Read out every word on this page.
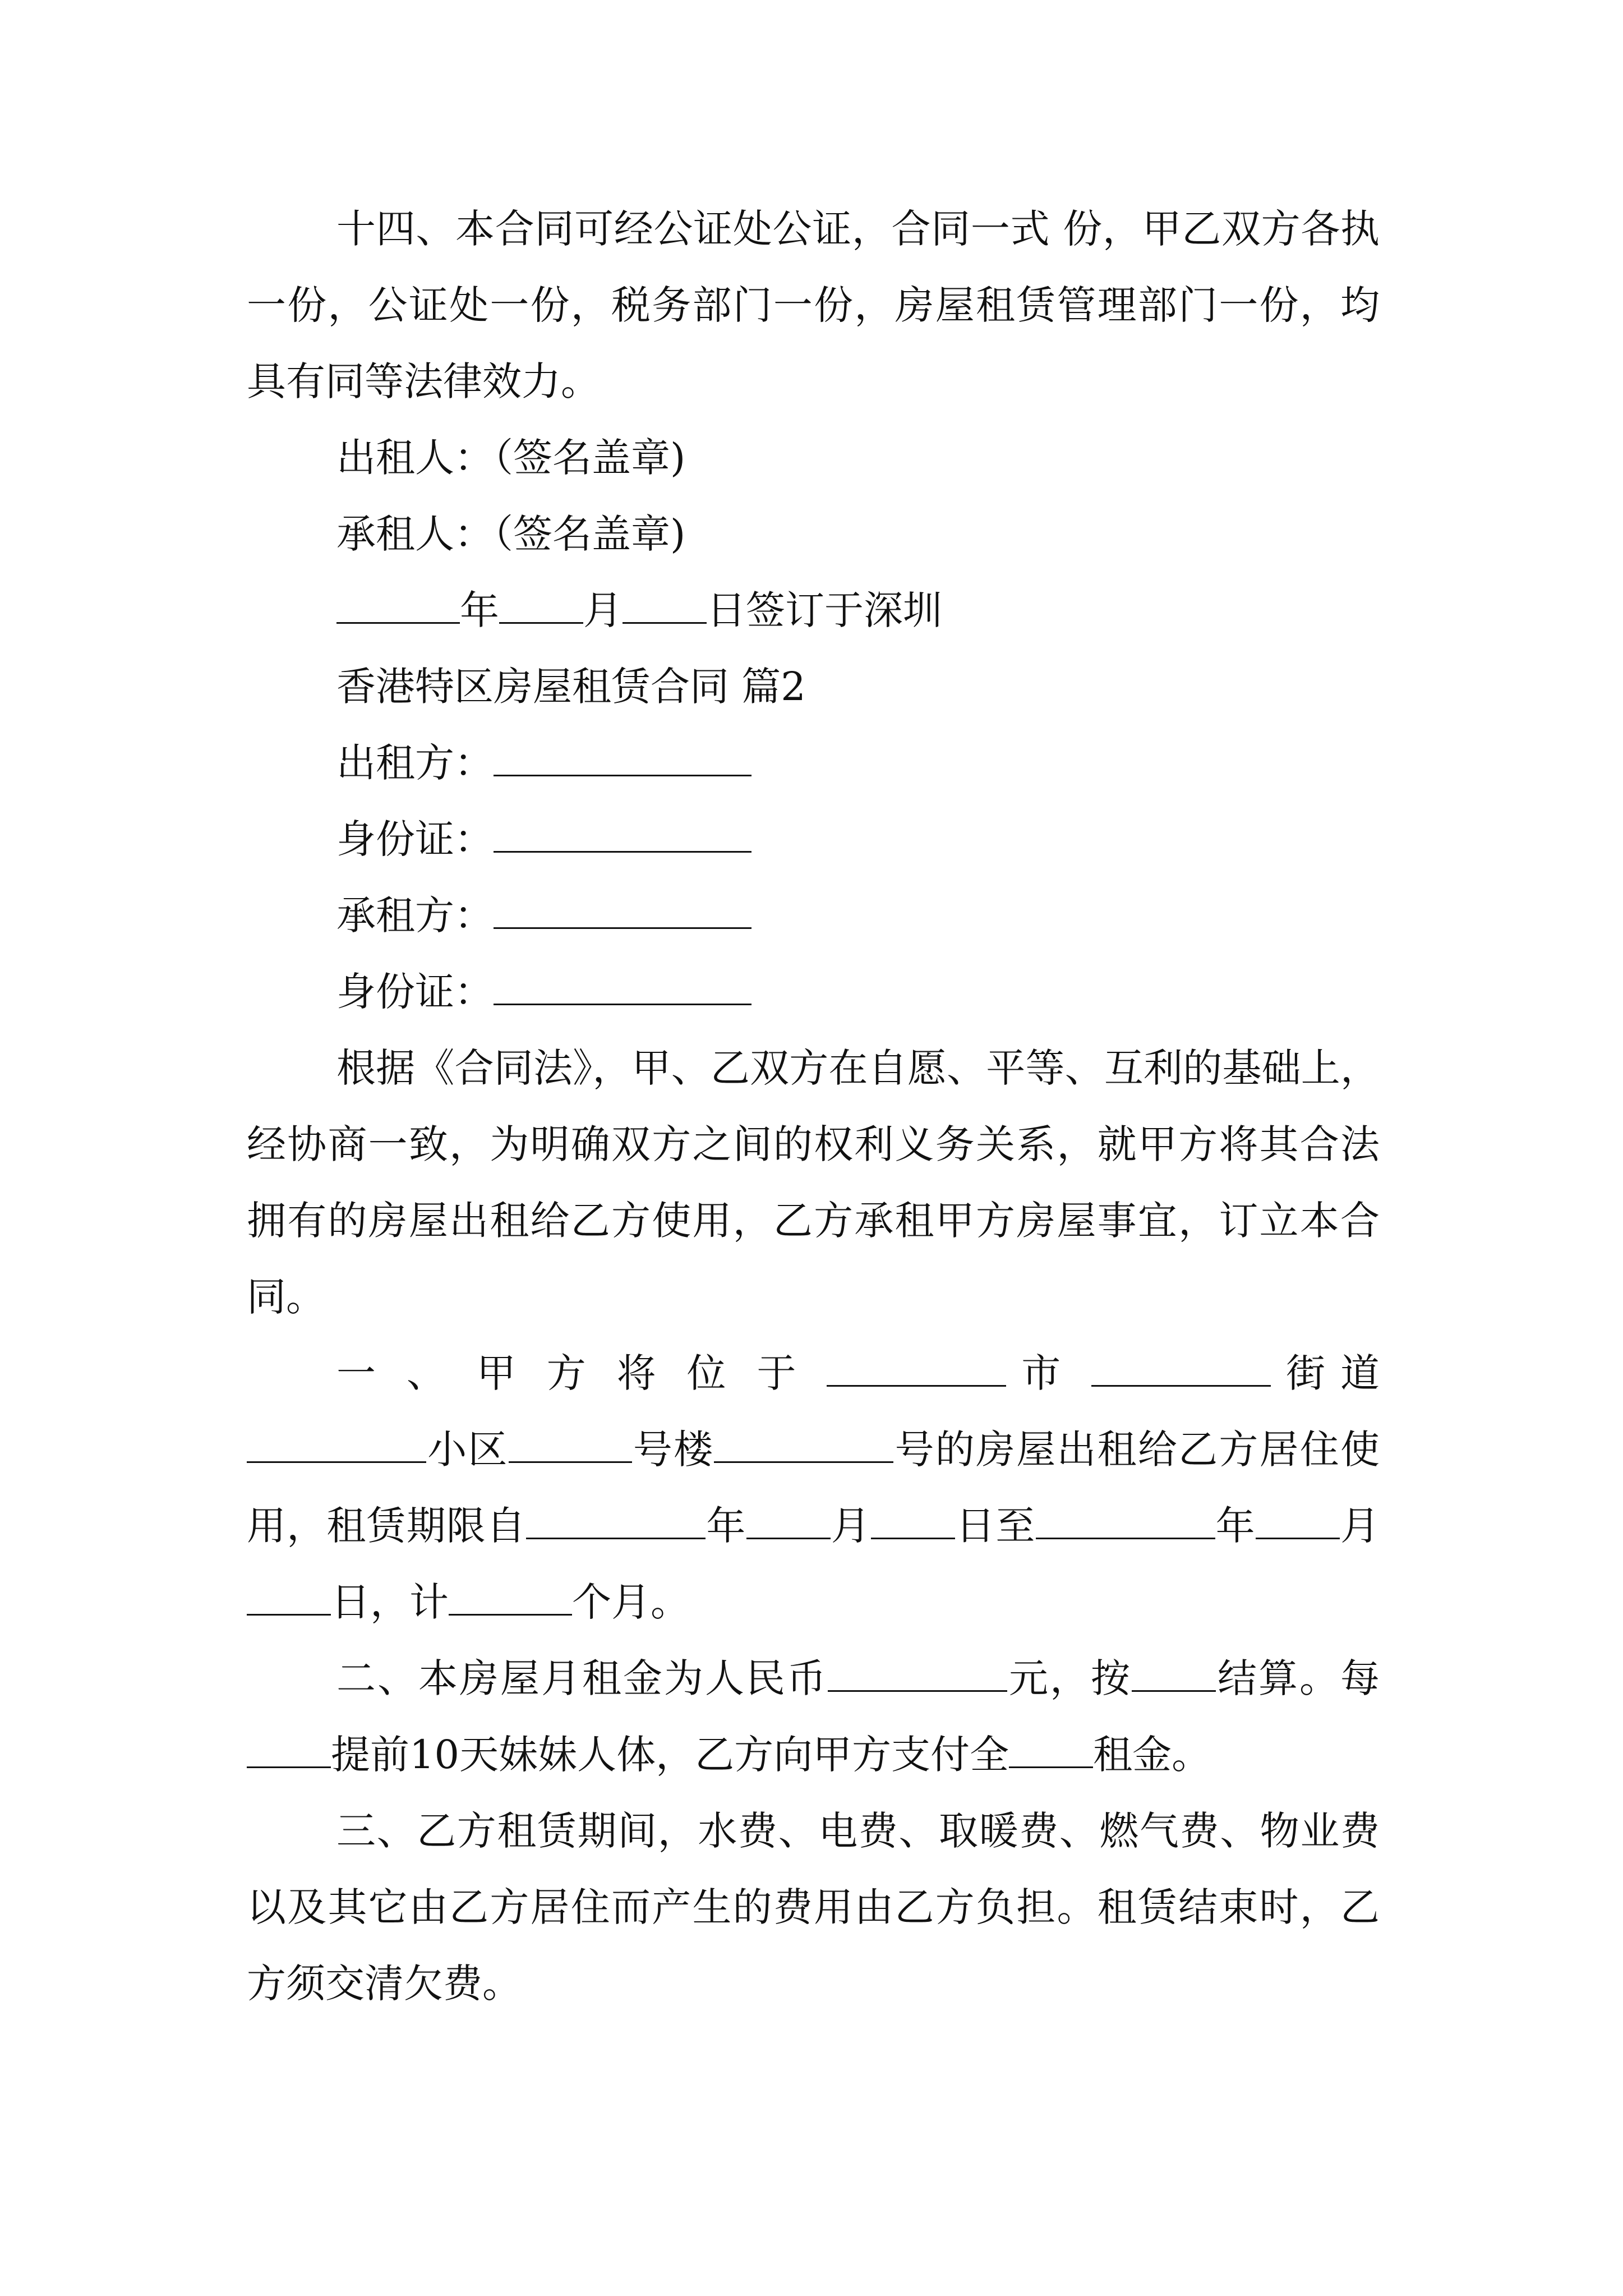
十四、本合同可经公证处公证，合同一式 份，甲乙双方各执一份，公证处一份，税务部门一份，房屋租赁管理部门一份，均具有同等法律效力。

出租人：（签名盖章)

承租人：（签名盖章)

年 月 日签订于深圳

香港特区房屋租赁合同 篇2

出租方：

身份证：

承租方：

身份证：

根据《合同法》，甲、乙双方在自愿、平等、互利的基础上，经协商一致，为明确双方之间的权利义务关系，就甲方将其合法拥有的房屋出租给乙方使用，乙方承租甲方房屋事宜，订立本合同。

一、甲方将位于	市	街道小区	号楼	号的房屋出租给乙方居住使用，租赁期限自	年 月 日至	年 月日，计	个月。

二、本房屋月租金为人民币	元，按 结算。每提前10天妹妹人体，乙方向甲方支付全 租金。

三、乙方租赁期间，水费、电费、取暖费、燃气费、物业费以及其它由乙方居住而产生的费用由乙方负担。租赁结束时，乙方须交清欠费。
